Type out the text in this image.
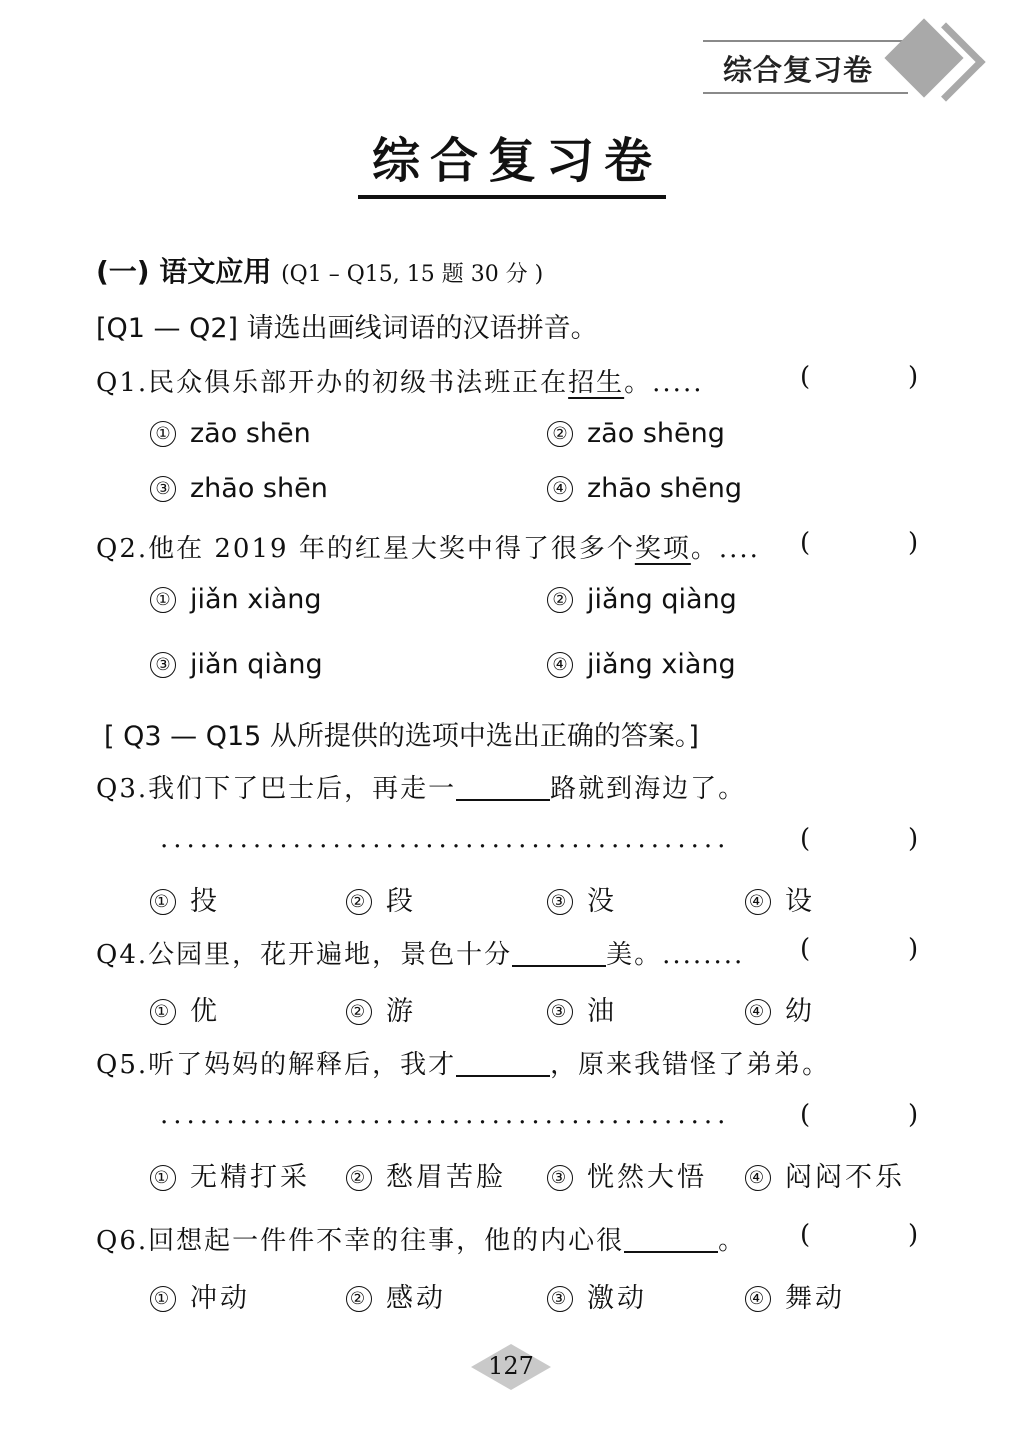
综合复习卷
综合复习卷
(一) 语文应用 (Q1 – Q15, 15 题 30 分 )
[Q1 — Q2] 请选出画线词语的汉语拼音。
Q1.民众俱乐部开办的初级书法班正在招生。.....	(	)
① zāo shēn	② zāo shēng
③ zhāo shēn	④ zhāo shēng
Q2.他在 2019 年的红星大奖中得了很多个奖项。.... (	)
① jiǎn xiàng	② jiǎng qiàng
③ jiǎn qiàng	④ jiǎng xiàng
[ Q3 — Q15 从所提供的选项中选出正确的答案。]
Q3.我们下了巴士后，再走一	路就到海边了。
...........................................	(	)
① 投	② 段	③ 没	④ 设
Q4.公园里，花开遍地，景色十分	美。........ (	)
① 优	② 游	③ 油	④ 幼
Q5.听了妈妈的解释后，我才	，原来我错怪了弟弟。
...........................................	(	)
① 无精打采 ② 愁眉苦脸	③ 恍然大悟 ④ 闷闷不乐
Q6.回想起一件件不幸的往事，他的内心很	。 (	)
① 冲动	② 感动	③ 激动	④ 舞动
127
